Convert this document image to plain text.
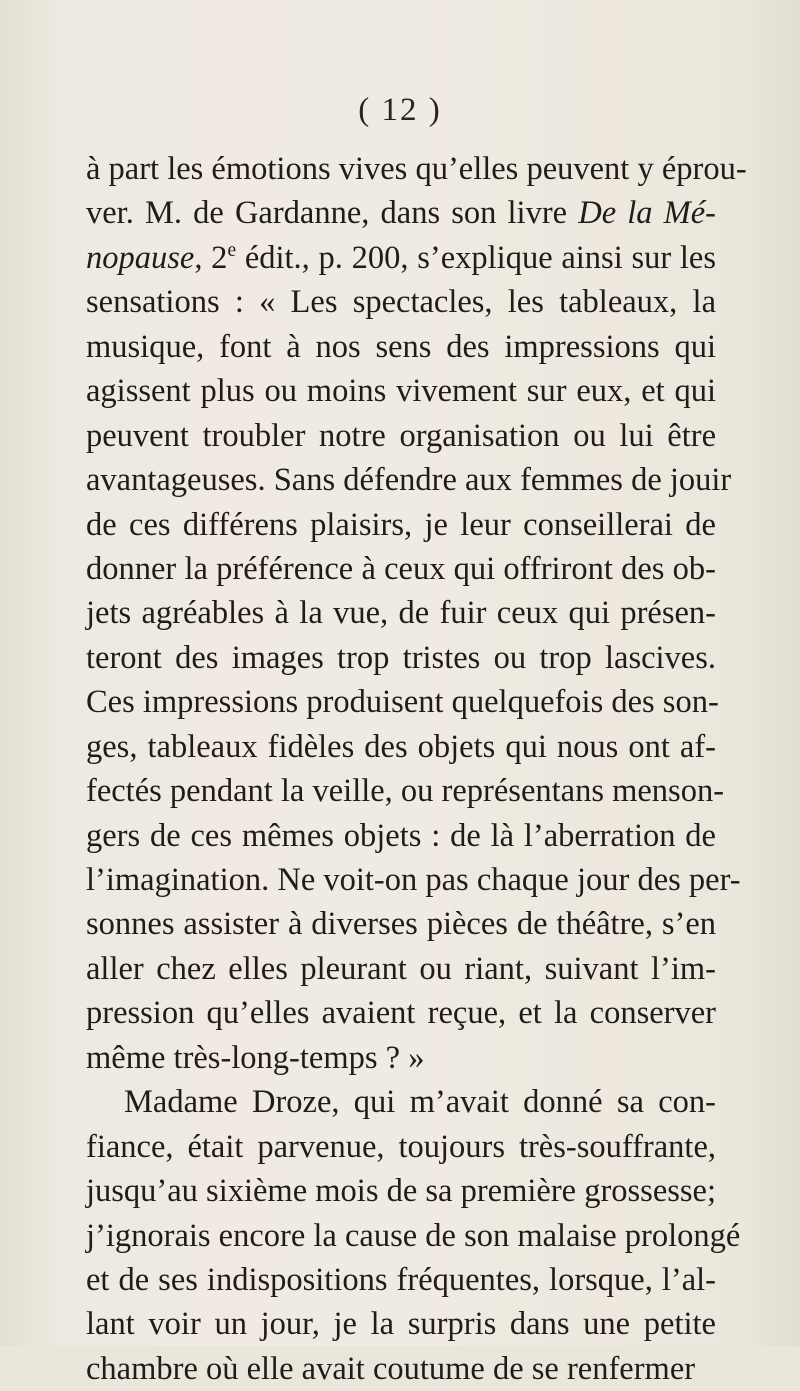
( 12 )
à part les émotions vives qu’elles peuvent y éprou-
ver. M. de Gardanne, dans son livre De la Mé-
nopause, 2e édit., p. 200, s’explique ainsi sur les
sensations : « Les spectacles, les tableaux, la
musique, font à nos sens des impressions qui
agissent plus ou moins vivement sur eux, et qui
peuvent troubler notre organisation ou lui être
avantageuses. Sans défendre aux femmes de jouir
de ces différens plaisirs, je leur conseillerai de
donner la préférence à ceux qui offriront des ob-
jets agréables à la vue, de fuir ceux qui présen-
teront des images trop tristes ou trop lascives.
Ces impressions produisent quelquefois des son-
ges, tableaux fidèles des objets qui nous ont af-
fectés pendant la veille, ou représentans menson-
gers de ces mêmes objets : de là l’aberration de
l’imagination. Ne voit-on pas chaque jour des per-
sonnes assister à diverses pièces de théâtre, s’en
aller chez elles pleurant ou riant, suivant l’im-
pression qu’elles avaient reçue, et la conserver
même très-long-temps ? »
Madame Droze, qui m’avait donné sa con-
fiance, était parvenue, toujours très-souffrante,
jusqu’au sixième mois de sa première grossesse;
j’ignorais encore la cause de son malaise prolongé
et de ses indispositions fréquentes, lorsque, l’al-
lant voir un jour, je la surpris dans une petite
chambre où elle avait coutume de se renfermer
